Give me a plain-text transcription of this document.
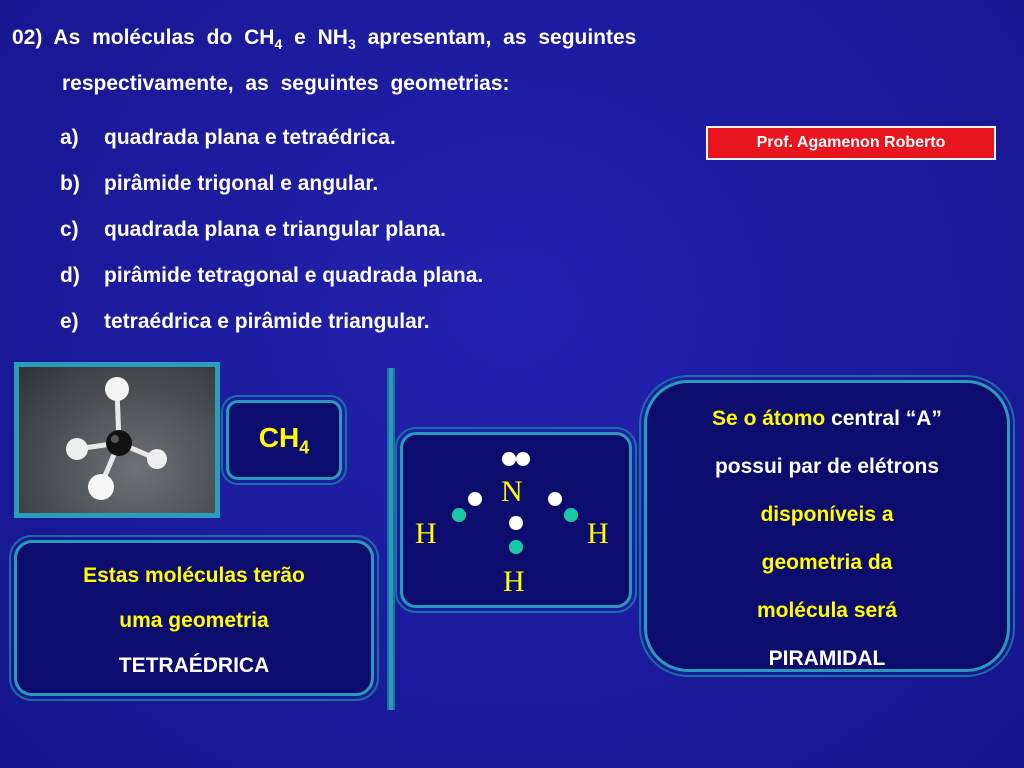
02) As moléculas do $CH_4$ e $NH_3$ apresentam, as seguintes
respectivamente, as seguintes geometrias:
a) quadrada plana e tetraédrica.
b) pirâmide trigonal e angular.
c) quadrada plana e triangular plana.
d) pirâmide tetragonal e quadrada plana.
e) tetraédrica e pirâmide triangular.
Prof. Agamenon Roberto
$CH_4$
Estas moléculas terão
uma geometria
TETRAÉDRICA
N
H	H
H
Se o átomo central “A”
possui par de elétrons
disponíveis a
geometria da
molécula será
PIRAMIDAL
